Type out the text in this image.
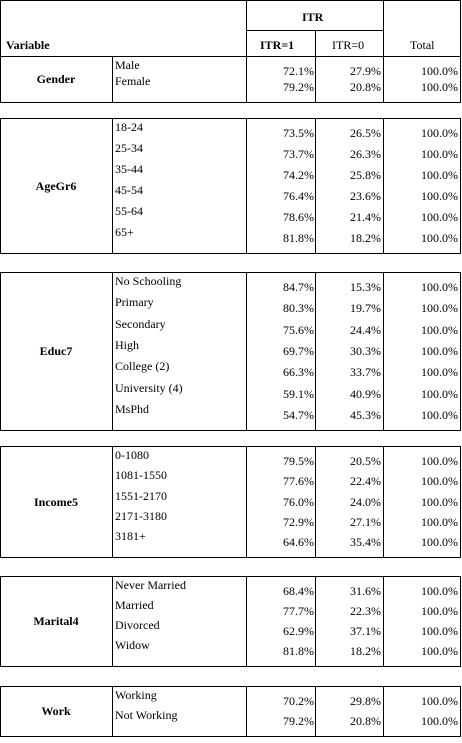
Variable
ITR
ITR=1	ITR=0	Total
Gender
Male	72.1%	27.9%	100.0%
Female	79.2%	20.8%	100.0%
AgeGr6
18-24	73.5%	26.5%	100.0%
25-34	73.7%	26.3%	100.0%
35-44	74.2%	25.8%	100.0%
45-54	76.4%	23.6%	100.0%
55-64	78.6%	21.4%	100.0%
65+	81.8%	18.2%	100.0%
Educ7
No Schooling	84.7%	15.3%	100.0%
Primary	80.3%	19.7%	100.0%
Secondary	75.6%	24.4%	100.0%
High	69.7%	30.3%	100.0%
College (2)	66.3%	33.7%	100.0%
University (4)	59.1%	40.9%	100.0%
MsPhd	54.7%	45.3%	100.0%
Income5
0-1080	79.5%	20.5%	100.0%
1081-1550	77.6%	22.4%	100.0%
1551-2170	76.0%	24.0%	100.0%
2171-3180	72.9%	27.1%	100.0%
3181+	64.6%	35.4%	100.0%
Marital4
Never Married	68.4%	31.6%	100.0%
Married	77.7%	22.3%	100.0%
Divorced	62.9%	37.1%	100.0%
Widow	81.8%	18.2%	100.0%
Work
Working	70.2%	29.8%	100.0%
Not Working	79.2%	20.8%	100.0%
